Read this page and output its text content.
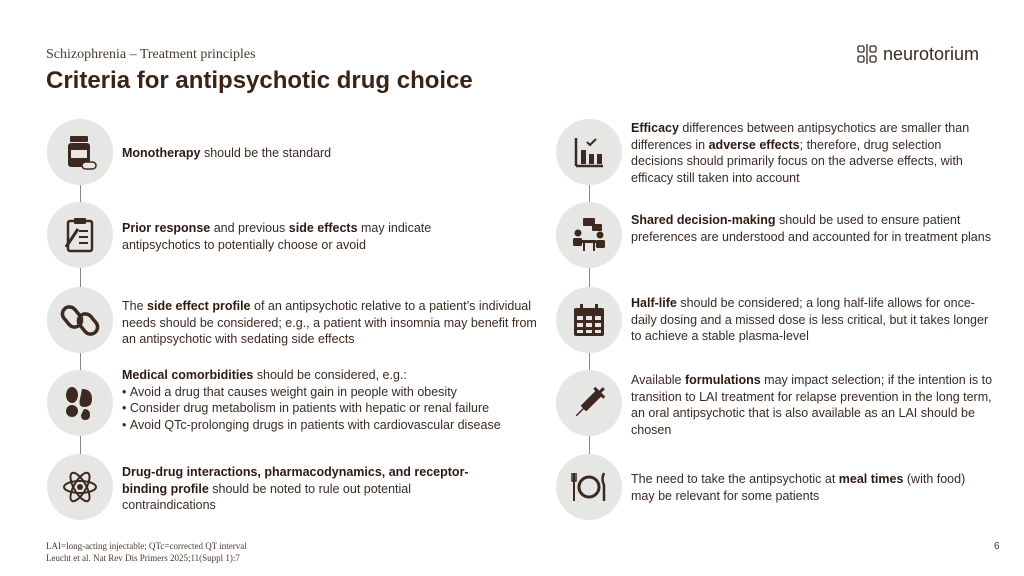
Schizophrenia – Treatment principles
Criteria for antipsychotic drug choice
neurotorium
Monotherapy should be the standard
Prior response and previous side effects may indicate antipsychotics to potentially choose or avoid
The side effect profile of an antipsychotic relative to a patient’s individual needs should be considered; e.g., a patient with insomnia may benefit from an antipsychotic with sedating side effects
Medical comorbidities should be considered, e.g.:
• Avoid a drug that causes weight gain in people with obesity
• Consider drug metabolism in patients with hepatic or renal failure
• Avoid QTc-prolonging drugs in patients with cardiovascular disease
Drug-drug interactions, pharmacodynamics, and receptor-binding profile should be noted to rule out potential contraindications
Efficacy differences between antipsychotics are smaller than differences in adverse effects; therefore, drug selection decisions should primarily focus on the adverse effects, with efficacy still taken into account
Shared decision-making should be used to ensure patient preferences are understood and accounted for in treatment plans
Half-life should be considered; a long half-life allows for once-daily dosing and a missed dose is less critical, but it takes longer to achieve a stable plasma-level
Available formulations may impact selection; if the intention is to transition to LAI treatment for relapse prevention in the long term, an oral antipsychotic that is also available as an LAI should be chosen
The need to take the antipsychotic at meal times (with food) may be relevant for some patients
LAI=long-acting injectable; QTc=corrected QT interval
Leucht et al. Nat Rev Dis Primers 2025;11(Suppl 1):7
6
